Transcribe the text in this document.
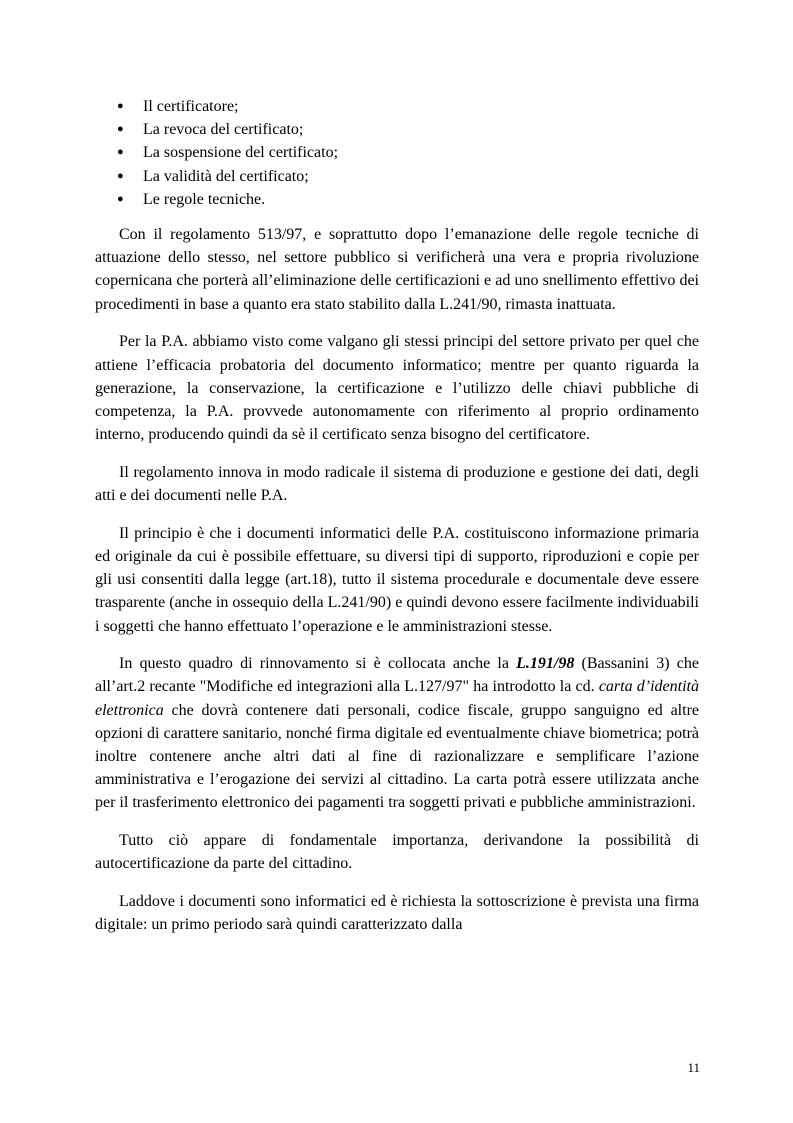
● Il certificatore;
● La revoca del certificato;
● La sospensione del certificato;
● La validità del certificato;
● Le regole tecniche.

Con il regolamento 513/97, e soprattutto dopo l’emanazione delle regole tecniche di attuazione dello stesso, nel settore pubblico si verificherà una vera e propria rivoluzione copernicana che porterà all’eliminazione delle certificazioni e ad uno snellimento effettivo dei procedimenti in base a quanto era stato stabilito dalla L.241/90, rimasta inattuata.

Per la P.A. abbiamo visto come valgano gli stessi principi del settore privato per quel che attiene l’efficacia probatoria del documento informatico; mentre per quanto riguarda la generazione, la conservazione, la certificazione e l’utilizzo delle chiavi pubbliche di competenza, la P.A. provvede autonomamente con riferimento al proprio ordinamento interno, producendo quindi da sè il certificato senza bisogno del certificatore.

Il regolamento innova in modo radicale il sistema di produzione e gestione dei dati, degli atti e dei documenti nelle P.A.

Il principio è che i documenti informatici delle P.A. costituiscono informazione primaria ed originale da cui è possibile effettuare, su diversi tipi di supporto, riproduzioni e copie per gli usi consentiti dalla legge (art.18), tutto il sistema procedurale e documentale deve essere trasparente (anche in ossequio della L.241/90) e quindi devono essere facilmente individuabili i soggetti che hanno effettuato l’operazione e le amministrazioni stesse.

In questo quadro di rinnovamento si è collocata anche la L.191/98 (Bassanini 3) che all’art.2 recante "Modifiche ed integrazioni alla L.127/97" ha introdotto la cd. carta d’identità elettronica che dovrà contenere dati personali, codice fiscale, gruppo sanguigno ed altre opzioni di carattere sanitario, nonché firma digitale ed eventualmente chiave biometrica; potrà inoltre contenere anche altri dati al fine di razionalizzare e semplificare l’azione amministrativa e l’erogazione dei servizi al cittadino. La carta potrà essere utilizzata anche per il trasferimento elettronico dei pagamenti tra soggetti privati e pubbliche amministrazioni.

Tutto ciò appare di fondamentale importanza, derivandone la possibilità di autocertificazione da parte del cittadino.

Laddove i documenti sono informatici ed è richiesta la sottoscrizione è prevista una firma digitale: un primo periodo sarà quindi caratterizzato dalla

11
